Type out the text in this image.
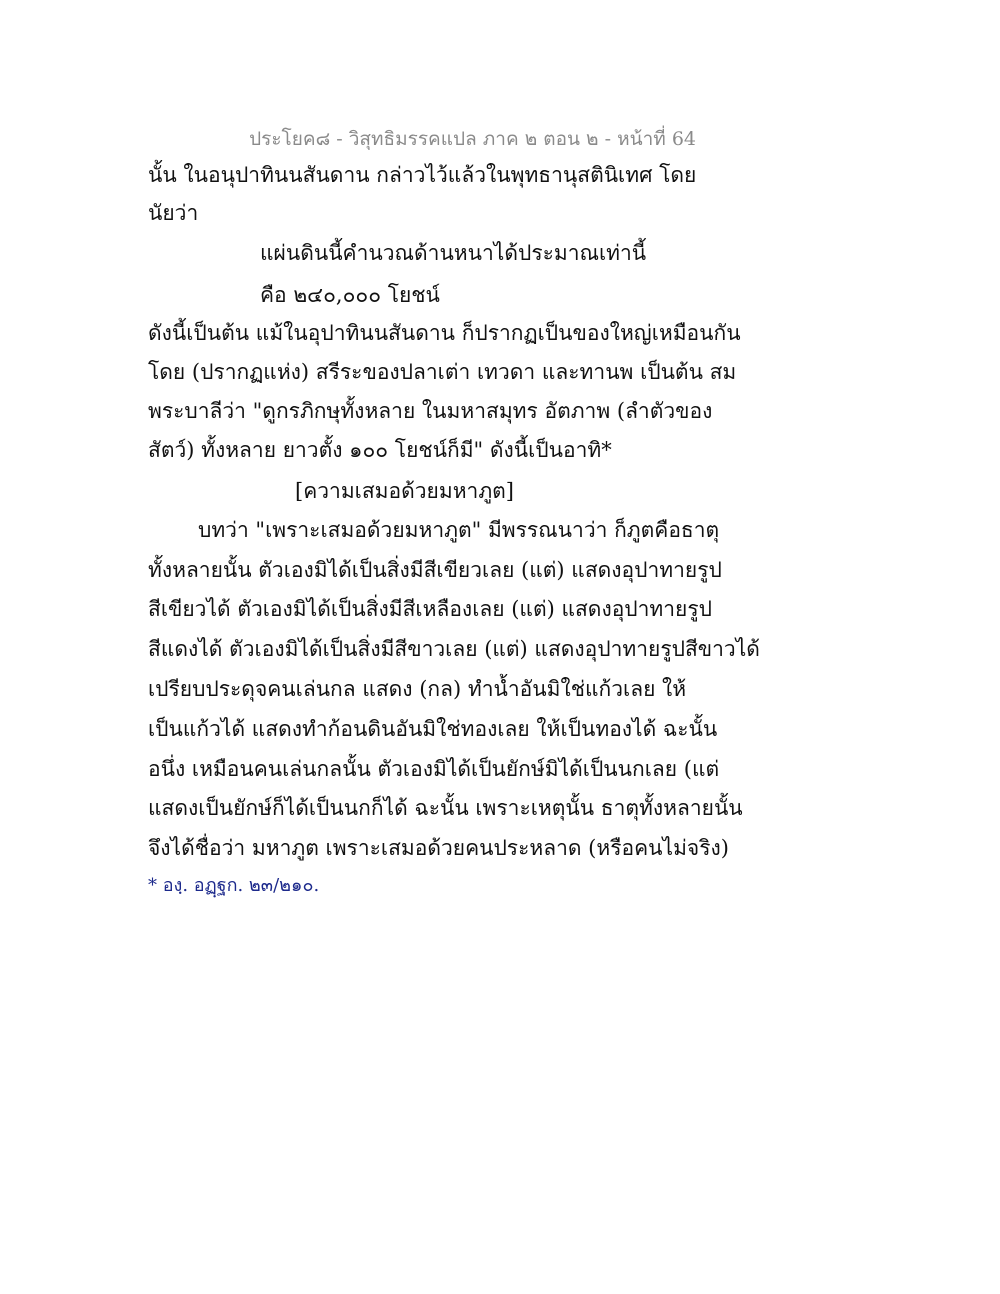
ประโยค๘ - วิสุทธิมรรคแปล ภาค ๒ ตอน ๒ - หน้าที่ 64
นั้น ในอนุปาทินนสันดาน กล่าวไว้แล้วในพุทธานุสตินิเทศ โดย
นัยว่า
แผ่นดินนี้คำนวณด้านหนาได้ประมาณเท่านี้
คือ ๒๔๐,๐๐๐ โยชน์
ดังนี้เป็นต้น แม้ในอุปาทินนสันดาน ก็ปรากฏเป็นของใหญ่เหมือนกัน
โดย (ปรากฏแห่ง) สรีระของปลาเต่า เทวดา และทานพ เป็นต้น สม
พระบาลีว่า "ดูกรภิกษุทั้งหลาย ในมหาสมุทร อัตภาพ (ลำตัวของ
สัตว์) ทั้งหลาย ยาวตั้ง ๑๐๐ โยชน์ก็มี" ดังนี้เป็นอาทิ*
[ความเสมอด้วยมหาภูต]
บทว่า "เพราะเสมอด้วยมหาภูต" มีพรรณนาว่า ก็ภูตคือธาตุ
ทั้งหลายนั้น ตัวเองมิได้เป็นสิ่งมีสีเขียวเลย (แต่) แสดงอุปาทายรูป
สีเขียวได้ ตัวเองมิได้เป็นสิ่งมีสีเหลืองเลย (แต่) แสดงอุปาทายรูป
สีแดงได้ ตัวเองมิได้เป็นสิ่งมีสีขาวเลย (แต่) แสดงอุปาทายรูปสีขาวได้
เปรียบประดุจคนเล่นกล แสดง (กล) ทำน้ำอันมิใช่แก้วเลย ให้
เป็นแก้วได้ แสดงทำก้อนดินอันมิใช่ทองเลย ให้เป็นทองได้ ฉะนั้น
อนึ่ง เหมือนคนเล่นกลนั้น ตัวเองมิได้เป็นยักษ์มิได้เป็นนกเลย (แต่
แสดงเป็นยักษ์ก็ได้เป็นนกก็ได้ ฉะนั้น เพราะเหตุนั้น ธาตุทั้งหลายนั้น
จึงได้ชื่อว่า มหาภูต เพราะเสมอด้วยคนประหลาด (หรือคนไม่จริง)
* องฺ. อฏฺฐก. ๒๓/๒๑๐.
